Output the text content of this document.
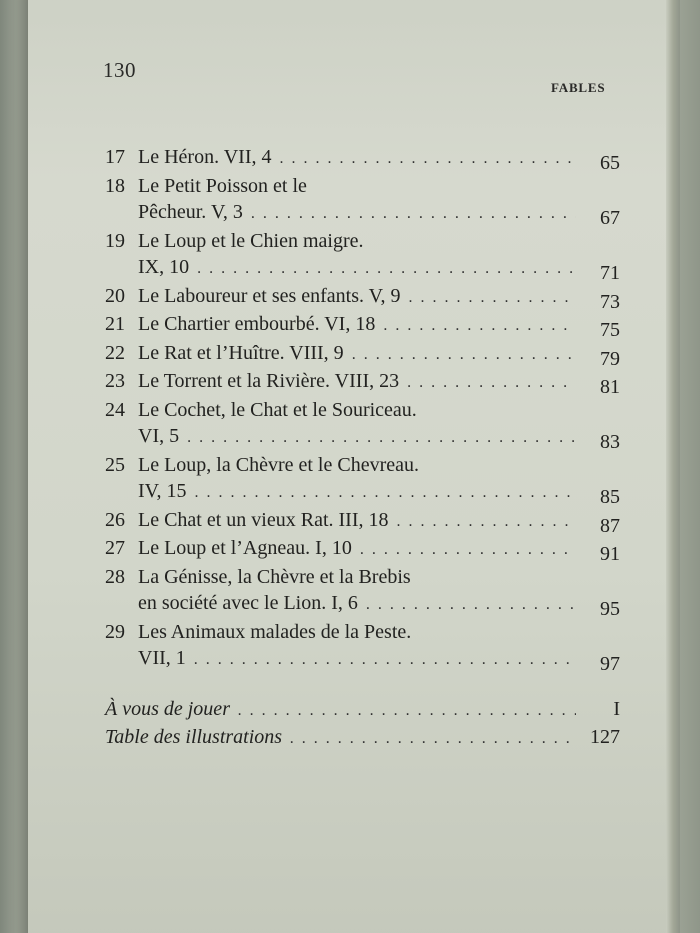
130
FABLES
17 Le Héron. VII, 4 . . .	65
18 Le Petit Poisson et le
Pêcheur. V, 3 . . .	67
19 Le Loup et le Chien maigre.
IX, 10 . . .	71
20 Le Laboureur et ses enfants. V, 9 . . .	73
21 Le Chartier embourbé. VI, 18 . . .	75
22 Le Rat et l’Huître. VIII, 9 . . .	79
23 Le Torrent et la Rivière. VIII, 23 . . .	81
24 Le Cochet, le Chat et le Souriceau.
VI, 5 . . .	83
25 Le Loup, la Chèvre et le Chevreau.
IV, 15 . . .	85
26 Le Chat et un vieux Rat. III, 18 . . .	87
27 Le Loup et l’Agneau. I, 10 . . .	91
28 La Génisse, la Chèvre et la Brebis
en société avec le Lion. I, 6 . . .	95
29 Les Animaux malades de la Peste.
VII, 1 . . .	97
À vous de jouer . . .	I
Table des illustrations . . .	127
